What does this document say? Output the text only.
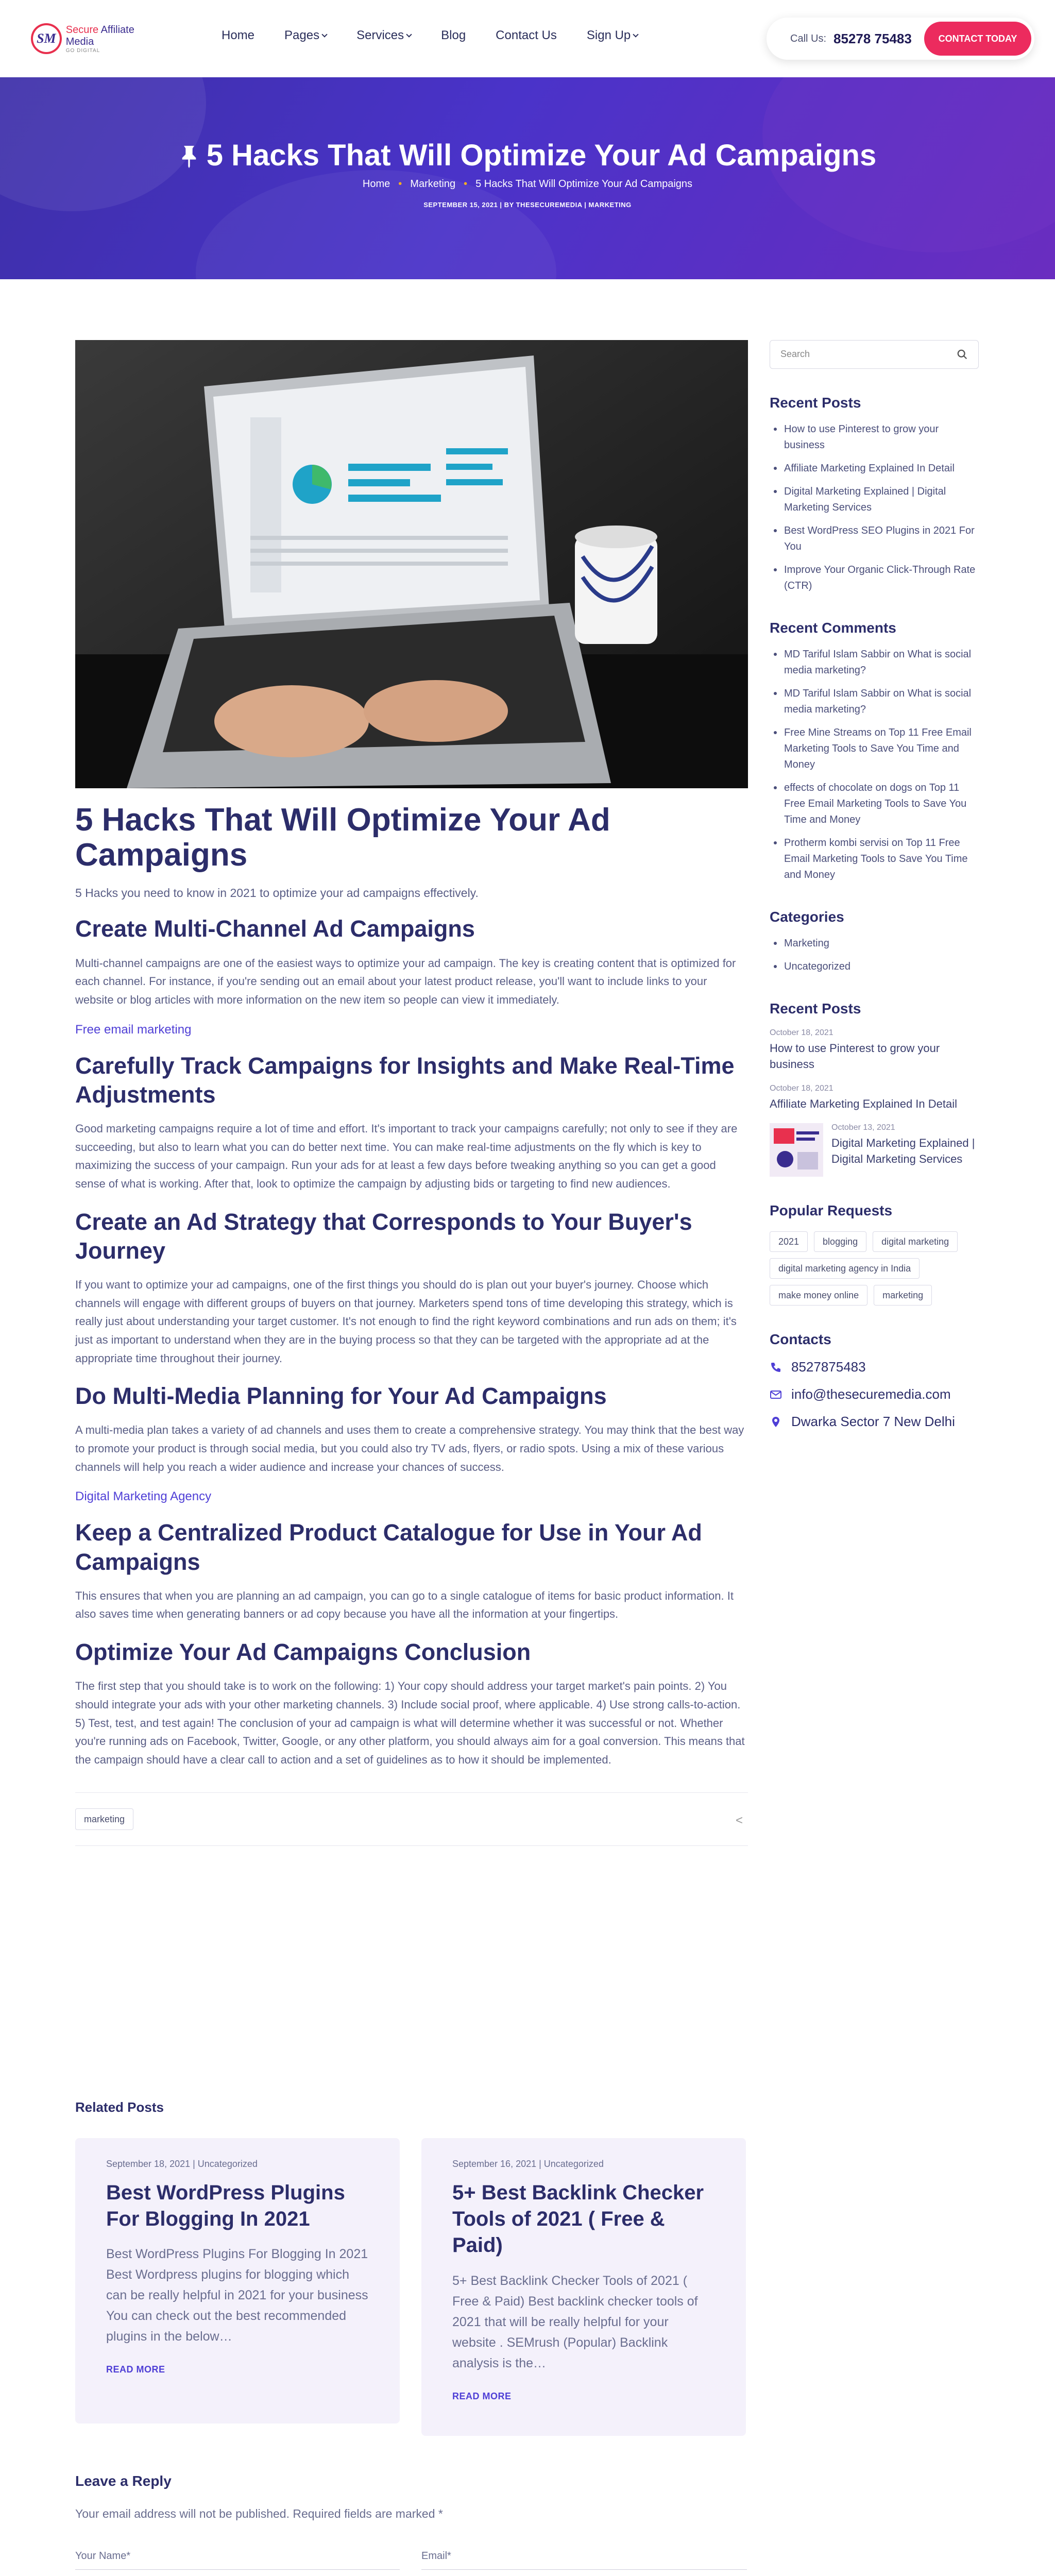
SM
Secure Affiliate Media
GO DIGITAL
Home Pages	Services	Blog Contact Us Sign Up	Call Us: 85278 75483	CONTACT TODAY
5 Hacks That Will Optimize Your Ad Campaigns
Home • Marketing • 5 Hacks That Will Optimize Your Ad Campaigns
SEPTEMBER 15, 2021 | BY THESECUREMEDIA | MARKETING
5 Hacks That Will Optimize Your Ad Campaigns
5 Hacks you need to know in 2021 to optimize your ad campaigns effectively.
Create Multi-Channel Ad Campaigns
Multi-channel campaigns are one of the easiest ways to optimize your ad campaign. The key is creating content that is optimized for each channel. For instance, if you're sending out an email about your latest product release, you'll want to include links to your website or blog articles with more information on the new item so people can view it immediately.
Free email marketing
Carefully Track Campaigns for Insights and Make Real-Time Adjustments
Good marketing campaigns require a lot of time and effort. It's important to track your campaigns carefully; not only to see if they are succeeding, but also to learn what you can do better next time. You can make real-time adjustments on the fly which is key to maximizing the success of your campaign. Run your ads for at least a few days before tweaking anything so you can get a good sense of what is working. After that, look to optimize the campaign by adjusting bids or targeting to find new audiences.
Create an Ad Strategy that Corresponds to Your Buyer's Journey
If you want to optimize your ad campaigns, one of the first things you should do is plan out your buyer's journey. Choose which channels will engage with different groups of buyers on that journey. Marketers spend tons of time developing this strategy, which is really just about understanding your target customer. It's not enough to find the right keyword combinations and run ads on them; it's just as important to understand when they are in the buying process so that they can be targeted with the appropriate ad at the appropriate time throughout their journey.
Do Multi-Media Planning for Your Ad Campaigns
A multi-media plan takes a variety of ad channels and uses them to create a comprehensive strategy. You may think that the best way to promote your product is through social media, but you could also try TV ads, flyers, or radio spots. Using a mix of these various channels will help you reach a wider audience and increase your chances of success.
Digital Marketing Agency
Keep a Centralized Product Catalogue for Use in Your Ad Campaigns
This ensures that when you are planning an ad campaign, you can go to a single catalogue of items for basic product information. It also saves time when generating banners or ad copy because you have all the information at your fingertips.
Optimize Your Ad Campaigns Conclusion
The first step that you should take is to work on the following: 1) Your copy should address your target market's pain points. 2) You should integrate your ads with your other marketing channels. 3) Include social proof, where applicable. 4) Use strong calls-to-action. 5) Test, test, and test again! The conclusion of your ad campaign is what will determine whether it was successful or not. Whether you're running ads on Facebook, Twitter, Google, or any other platform, you should always aim for a goal conversion. This means that the campaign should have a clear call to action and a set of guidelines as to how it should be implemented.
marketing	<
Search
Recent Posts
How to use Pinterest to grow your business
Affiliate Marketing Explained In Detail
Digital Marketing Explained | Digital Marketing Services
Best WordPress SEO Plugins in 2021 For You
Improve Your Organic Click-Through Rate (CTR)
Recent Comments
MD Tariful Islam Sabbir on What is social media marketing?
MD Tariful Islam Sabbir on What is social media marketing?
Free Mine Streams on Top 11 Free Email Marketing Tools to Save You Time and Money
effects of chocolate on dogs on Top 11 Free Email Marketing Tools to Save You Time and Money
Protherm kombi servisi on Top 11 Free Email Marketing Tools to Save You Time and Money
Categories
Marketing
Uncategorized
Recent Posts
October 18, 2021
How to use Pinterest to grow your business
October 18, 2021
Affiliate Marketing Explained In Detail
October 13, 2021
Digital Marketing Explained | Digital Marketing Services
Popular Requests
2021	blogging	digital marketing
digital marketing agency in India
make money online	marketing
Contacts
8527875483
info@thesecuremedia.com
Dwarka Sector 7 New Delhi
Related Posts
September 18, 2021 | Uncategorized
Best WordPress Plugins For Blogging In 2021
Best WordPress Plugins For Blogging In 2021 Best Wordpress plugins for blogging which can be really helpful in 2021 for your business You can check out the best recommended plugins in the below…
READ MORE
September 16, 2021 | Uncategorized
5+ Best Backlink Checker Tools of 2021 ( Free & Paid)
5+ Best Backlink Checker Tools of 2021 ( Free & Paid) Best backlink checker tools of 2021 that will be really helpful for your website . SEMrush (Popular) Backlink analysis is the…
READ MORE
Leave a Reply
Your email address will not be published. Required fields are marked *
Your Name*	Email*
